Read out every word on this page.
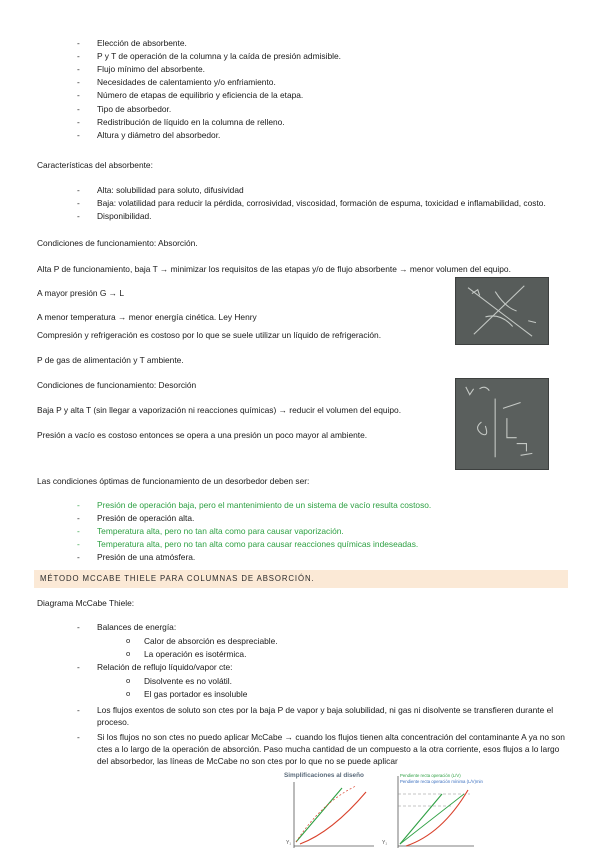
- Elección de absorbente.
- P y T de operación de la columna y la caída de presión admisible.
- Flujo mínimo del absorbente.
- Necesidades de calentamiento y/o enfriamiento.
- Número de etapas de equilibrio y eficiencia de la etapa.
- Tipo de absorbedor.
- Redistribución de líquido en la columna de relleno.
- Altura y diámetro del absorbedor.
Características del absorbente:
- Alta: solubilidad para soluto, difusividad
- Baja: volatilidad para reducir la pérdida, corrosividad, viscosidad, formación de espuma, toxicidad e inflamabilidad, costo.
- Disponibilidad.
Condiciones de funcionamiento: Absorción.
Alta P de funcionamiento, baja T → minimizar los requisitos de las etapas y/o de flujo absorbente → menor volumen del equipo.
A mayor presión G → L
A menor temperatura → menor energía cinética. Ley Henry
Compresión y refrigeración es costoso por lo que se suele utilizar un líquido de refrigeración.
P de gas de alimentación y T ambiente.
Condiciones de funcionamiento: Desorción
Baja P y alta T (sin llegar a vaporización ni reacciones químicas) → reducir el volumen del equipo.
Presión a vacío es costoso entonces se opera a una presión un poco mayor al ambiente.
Las condiciones óptimas de funcionamiento de un desorbedor deben ser:
- Presión de operación baja, pero el mantenimiento de un sistema de vacío resulta costoso.
- Presión de operación alta.
- Temperatura alta, pero no tan alta como para causar vaporización.
- Temperatura alta, pero no tan alta como para causar reacciones químicas indeseadas.
- Presión de una atmósfera.
MÉTODO MCCABE THIELE PARA COLUMNAS DE ABSORCIÓN.
Diagrama McCabe Thiele:
- Balances de energía:
o Calor de absorción es despreciable.
o La operación es isotérmica.
- Relación de reflujo líquido/vapor cte:
o Disolvente es no volátil.
o El gas portador es insoluble
- Los flujos exentos de soluto son ctes por la baja P de vapor y baja solubilidad, ni gas ni disolvente se transfieren durante el proceso.
- Si los flujos no son ctes no puedo aplicar McCabe → cuando los flujos tienen alta concentración del contaminante A ya no son ctes a lo largo de la operación de absorción. Paso mucha cantidad de un compuesto a la otra corriente, esos flujos a lo largo del absorbedor, las líneas de McCabe no son ctes por lo que no se puede aplicar
Simplificaciones al diseño	Pendiente recta operación (L/V)
Pendiente recta operación mínima (L/V)min
Y₁
Y₁
